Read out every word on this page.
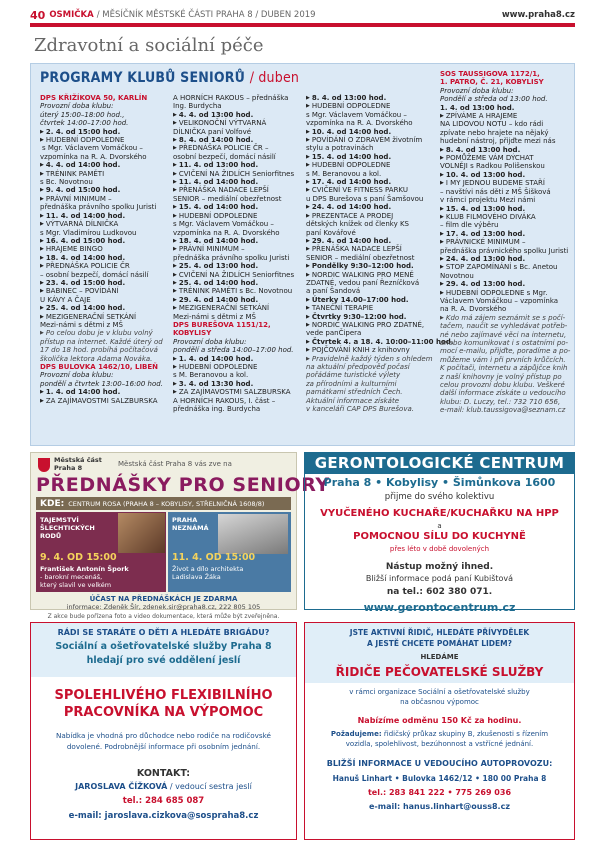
40 OSMIČKA / MĚSÍČNÍK MĚSTSKÉ ČÁSTI PRAHA 8 / DUBEN 2019	www.praha8.cz
Zdravotní a sociální péče
PROGRAMY KLUBŮ SENIORŮ / duben
DPS KŘIŽÍKOVA 50, KARLÍN
Provozní doba klubu:
úterý 15:00–18:00 hod.,
čtvrtek 14:00–17:00 hod.
▶ 2. 4. od 15:00 hod.
▶ HUDEBNÍ ODPOLEDNE
s Mgr. Václavem Vomáčkou –
vzpomínka na R. A. Dvorského
▶ 4. 4. od 14:00 hod.
▶ TRÉNINK PAMĚTI
s Bc. Novotnou
▶ 9. 4. od 15:00 hod.
▶ PRÁVNÍ MINIMUM –
přednáška právního spolku Juristi
▶ 11. 4. od 14:00 hod.
▶ VÝTVARNÁ DÍLNIČKA
s Mgr. Vladimírou Ludkovou
▶ 16. 4. od 15:00 hod.
▶ HRAJEME BINGO
▶ 18. 4. od 14:00 hod.
▶ PŘEDNÁŠKA POLICIE ČR
– osobní bezpečí, domácí násilí
▶ 23. 4. od 15:00 hod.
▶ BABINEC – POVÍDÁNÍ
U KÁVY A ČAJE
▶ 25. 4. od 14:00 hod.
▶ MEZIGENERAČNÍ SETKÁNÍ
Mezi-námi s dětmi z MŠ
▶ Po celou dobu je v klubu volný
přístup na internet. Každé úterý od
17 do 18 hod. probíhá počítačová
školička lektora Adama Nováka.
DPS BULOVKA 1462/10, LIBEŇ
Provozní doba klubu:
pondělí a čtvrtek 13:00–16:00 hod.
▶ 1. 4. od 14:00 hod.
▶ ZA ZAJÍMAVOSTMI SALZBURSKA
A HORNÍCH RAKOUS – přednáška
Ing. Burdycha
▶ 4. 4. od 13:00 hod.
▶ VELIKONOČNÍ VÝTVARNÁ
DÍLNIČKA paní Volfové
▶ 8. 4. od 14:00 hod.
▶ PŘEDNÁŠKA POLICIE ČR –
osobní bezpečí, domácí násilí
▶ 11. 4. od 13:00 hod.
▶ CVIČENÍ NA ŽIDLÍCH Seniorfitnes
▶ 11. 4. od 14:00 hod.
▶ PŘENÁŠKA NADACE LEPŠÍ
SENIOR – mediální obezřetnost
▶ 15. 4. od 14:00 hod.
▶ HUDEBNÍ ODPOLEDNE
s Mgr. Václavem Vomáčkou –
vzpomínka na R. A. Dvorského
▶ 18. 4. od 14:00 hod.
▶ PRÁVNÍ MINIMUM –
přednáška právního spolku Juristi
▶ 25. 4. od 13:00 hod.
▶ CVIČENÍ NA ŽIDLÍCH Seniorfitnes
▶ 25. 4. od 14:00 hod.
▶ TRÉNINK PAMĚTI s Bc. Novotnou
▶ 29. 4. od 14:00 hod.
▶ MEZIGENERAČNÍ SETKÁNÍ
Mezi-námi s dětmi z MŠ
DPS BUREŠOVA 1151/12,
KOBYLISY
Provozní doba klubu:
pondělí a středa 14:00–17:00 hod.
▶ 1. 4. od 14:00 hod.
▶ HUDEBNÍ ODPOLEDNE
s M. Beranovou a kol.
▶ 3. 4. od 13:30 hod.
▶ ZA ZAJÍMAVOSTMI SALZBURSKA
A HORNÍCH RAKOUS, I. část –
přednáška ing. Burdycha
▶ 8. 4. od 13:00 hod.
▶ HUDEBNÍ ODPOLEDNE
s Mgr. Václavem Vomáčkou –
vzpomínka na R. A. Dvorského
▶ 10. 4. od 14:00 hod.
▶ POVÍDÁNÍ O ZDRAVÉM životním
stylu a potravinách
▶ 15. 4. od 14:00 hod.
▶ HUDEBNÍ ODPOLEDNE
s M. Beranovou a kol.
▶ 17. 4. od 14:00 hod.
▶ CVIČENÍ VE FITNESS PARKU
u DPS Burešova s paní Šamšovou
▶ 24. 4. od 14:00 hod.
▶ PREZENTACE A PRODEJ
dětských knížek od členky KS
paní Kovářové
▶ 29. 4. od 14:00 hod.
▶ PŘENÁŠKA NADACE LEPŠÍ
SENIOR – mediální obezřetnost
▶ Pondělky 9:30–12:00 hod.
▶ NORDIC WALKING PRO MENĚ
ZDATNÉ, vedou paní Řezníčková
a paní Šandová
▶ Úterky 14.00–17:00 hod.
▶ TANEČNÍ TERAPIE
▶ Čtvrtky 9:30–12:00 hod.
▶ NORDIC WALKING PRO ZDATNÉ,
vede panČipera
▶ Čtvrtek 4. a 18. 4. 10:00–11:00 hod.
▶ POJČOVÁNÍ KNIH z knihovny
▶ Pravidelně každý týden s ohledem
na aktuální předpověď počasí
pořádáme turistické výlety
za přírodními a kulturními
památkami středních Čech.
Aktuální informace získáte
v kanceláři CAP DPS Burešova.
SOS TAUSSIGOVA 1172/1,
1. PATRO, Č. 21, KOBYLISY
Provozní doba klubu:
Pondělí a středa od 13:00 hod.
1. 4. od 13:00 hod.
▶ ZPÍVÁME A HRAJEME
NA LIDOVOU NOTU – kdo rádi
zpívate nebo hrajete na nějaký
hudební nástroj, přijďte mezi nás
▶ 8. 4. od 13:00 hod.
▶ POMŮŽEME VÁM DÝCHAT
VOLNĚJI s Radkou Polišenskou
▶ 10. 4. od 13:00 hod.
▶ I MY JEDNOU BUDEME STAŘÍ
– navštívi nás děti z MŠ Šišková
v rámci projektu Mezi námi
▶ 15. 4. od 13:00 hod.
▶ KLUB FILMOVÉHO DIVÁKA
– film dle výběru
▶ 17. 4. od 13:00 hod.
▶ PRÁVNICKÉ MINIMUM –
přednáška právnického spolku Juristi
▶ 24. 4. od 13:00 hod.
▶ STOP ZAPOMÍNÁNÍ s Bc. Anetou
Novotnou
▶ 29. 4. od 13:00 hod.
▶ HUDEBNÍ ODPOLEDNE s Mgr.
Václavem Vomáčkou – vzpomínka
na R. A. Dvorského
▶ Kdo má zájem seznámit se s počí-
tačem, naučit se vyhledávat potřeb-
né nebo zajímavé věci na internetu,
anebo komunikovat i s ostatními po-
mocí e-mailu, přijďte, poradíme a po-
můžeme vám i při prvních krůčcích.
K počítači, internetu a zápůjčce knih
z naší knihovny je volný přístup po
celou provozní dobu klubu. Veškeré
další informace získáte u vedoucího
klubu: D. Luczy, tel.: 732 710 656,
e-mail: klub.taussigova@seznam.cz
Městská část
Praha 8	Městská část Praha 8 vás zve na
PŘEDNÁŠKY PRO SENIORY
KDE: CENTRUM ROSA (PRAHA 8 – KOBYLISY, STŘELNIČNÁ 1608/8)
TAJEMSTVÍ
ŠLECHTICKÝCH
RODŮ
9. 4. OD 15:00
František Antonín Špork
- barokní mecenáš,
který slavil ve velkém
PRAHA
NEZNÁMÁ
11. 4. OD 15:00
Život a dílo architekta
Ladislava Žáka
ÚČAST NA PŘEDNÁŠKÁCH JE ZDARMA
informace: Zdeněk Šír, zdenek.sir@praha8.cz, 222 805 105
Z akce bude pořízena foto a video dokumentace, která může být zveřejněna.
GERONTOLOGICKÉ CENTRUM
Praha 8 • Kobylisy • Šimůnkova 1600
přijme do svého kolektivu
VYUČENÉHO KUCHAŘE/KUCHAŘKU NA HPP
a
POMOCNOU SÍLU DO KUCHYNĚ
přes léto v době dovolených
Nástup možný ihned.
Bližší informace podá paní Kubištová
na tel.: 602 380 071.
www.gerontocentrum.cz
RÁDI SE STARÁTE O DĚTI A HLEDÁTE BRIGÁDU?
Sociální a ošetřovatelské služby Praha 8
hledají pro své oddělení jeslí
SPOLEHLIVÉHO FLEXIBILNÍHO
PRACOVNÍKA NA VÝPOMOC
Nabídka je vhodná pro důchodce nebo rodiče na rodičovské
dovolené. Podrobnější informace při osobním jednání.
KONTAKT:
JAROSLAVA ČÍŽKOVÁ / vedoucí sestra jeslí
tel.: 284 685 087
e-mail: jaroslava.cizkova@sospraha8.cz
JSTE AKTIVNÍ ŘIDIČ, HLEDÁTE PŘÍVYDĚLEK
A JESTĚ CHCETE POMÁHAT LIDEM?
HLEDÁME
ŘIDIČE PEČOVATELSKÉ SLUŽBY
v rámci organizace Sociální a ošetřovatelské služby
na občasnou výpomoc
Nabízíme odměnu 150 Kč za hodinu.
Požadujeme: řidičský průkaz skupiny B, zkušenosti s řízením
vozidla, spolehlivost, bezúhonnost a vstřícné jednání.
BLIŽŠÍ INFORMACE U VEDOUCÍHO AUTOPROVOZU:
Hanuš Linhart • Bulovka 1462/12 • 180 00 Praha 8
tel.: 283 841 222 • 775 269 036
e-mail: hanus.linhart@ouss8.cz
